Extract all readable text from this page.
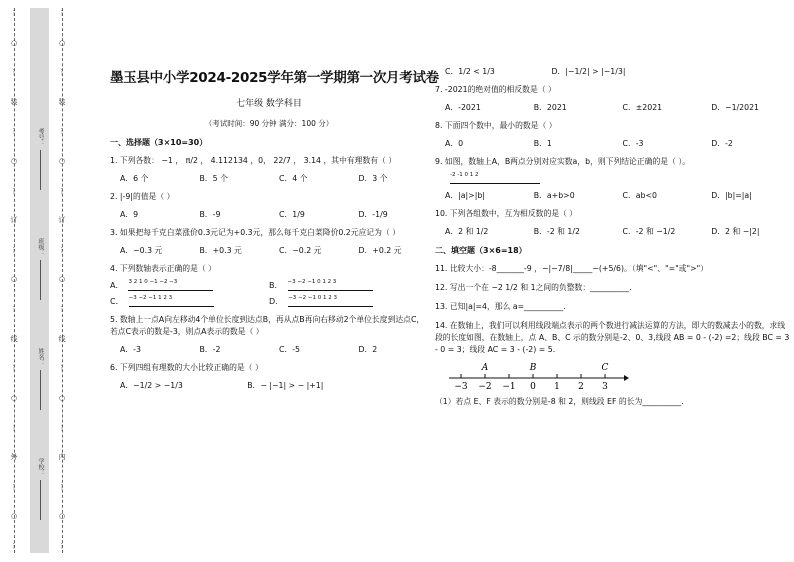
⋮
○
⋮
装
⋮
○
⋮
订
⋮
○
⋮
线
⋮
○
⋮
外
⋮
○
⋮
考号：
班级：
姓名：
学校：
⋮
○
⋮
装
⋮
○
⋮
订
⋮
○
⋮
线
⋮
○
⋮
内
⋮
○
⋮
墨玉县中小学2024-2025学年第一学期第一次月考试卷
七年级 数学科目
（考试时间：90 分钟 满分：100 分）
一、选择题（3×10=30）
1. 下列各数： −1 ， π/2 ， 4.112134 ，0， 22/7 ， 3.14 ，其中有理数有（ ）
A．6 个	B．5 个	C．4 个	D．3 个
2. |-9|的值是（ ）
A．9	B．-9	C．1/9	D．-1/9
3. 如果把每千克白菜涨价0.3元记为+0.3元，那么每千克白菜降价0.2元应记为（ ）
A．−0.3 元	B．+0.3 元	C．−0.2 元	D．+0.2 元
4. 下列数轴表示正确的是（ ）
A． 3 2 1 0 −1 −2 −3	B． −3 −2 −1 0 1 2 3
C． −3 −2 −1 1 2 3	D． −3 −2 −1 0 1 2 3
5. 数轴上一点A向左移动4个单位长度到达点B，再从点B再向右移动2个单位长度到达点C，若点C表示的数是-3，则点A表示的数是（ ）
A．-3	B．-2	C．-5	D．2
6. 下列四组有理数的大小比较正确的是（ ）
A．−1/2 > −1/3	B．− |−1| > − |+1|
C．1/2 < 1/3	D．|−1/2| > |−1/3|
7. -2021的绝对值的相反数是（ ）
A．-2021	B．2021	C．±2021	D．−1/2021
8. 下面四个数中，最小的数是（ ）
A．0	B．1	C．-3	D．-2
9. 如图，数轴上A，B两点分别对应实数a，b，则下列结论正确的是（ ）。
-2 -1 0 1 2
A．|a|>|b|	B．a+b>0	C．ab<0	D．|b|=|a|
10. 下列各组数中，互为相反数的是（ ）
A．2 和 1/2	B．-2 和 1/2	C．-2 和 −1/2	D．2 和 −|2|
二、填空题（3×6=18）
11. 比较大小：-8_______-9 ，−|−7/8|_____−(+5/6)。（填"<"、"="或">"）
12. 写出一个在 −2 1/2 和 1之间的负整数：__________.
13. 已知|a|=4，那么 a=__________.
14. 在数轴上，我们可以利用线段端点表示的两个数进行减法运算的方法，即大的数减去小的数，求线段的长度如图，在数轴上，点 A、B、C 示的数分别是-2、0、3,线段 AB = 0 - (-2) =2；线段 BC = 3 - 0 = 3；线段 AC = 3 - (-2) = 5.
−3 −2 −1 0 1 2 3
A	B	C
（1）若点 E、F 表示的数分别是-8 和 2，则线段 EF 的长为__________.
